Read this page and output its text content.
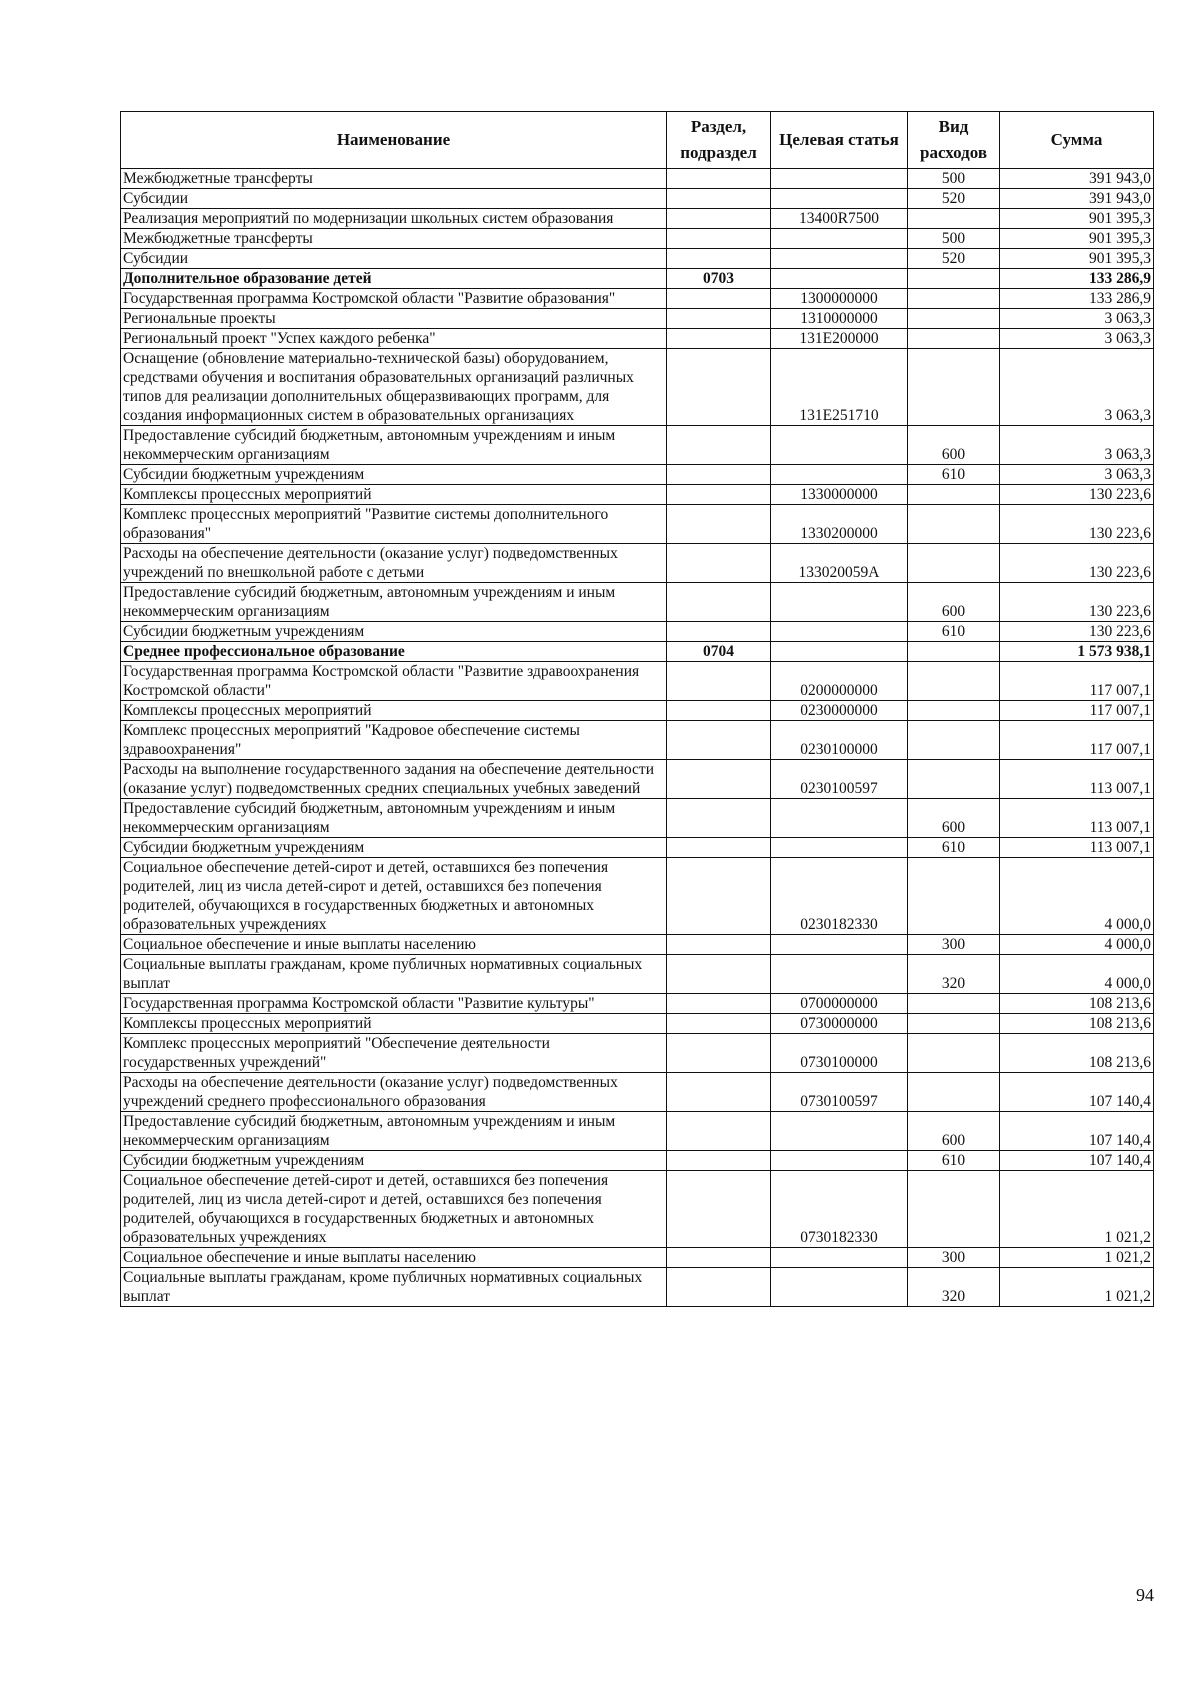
Наименование	Раздел, подраздел	Целевая статья	Вид расходов	Сумма
Межбюджетные трансферты			500	391 943,0
Субсидии			520	391 943,0
Реализация мероприятий по модернизации школьных систем образования		13400R7500		901 395,3
Межбюджетные трансферты			500	901 395,3
Субсидии			520	901 395,3
Дополнительное образование детей	0703			133 286,9
Государственная программа Костромской области "Развитие образования"		1300000000		133 286,9
Региональные проекты		1310000000		3 063,3
Региональный проект "Успех каждого ребенка"		131E200000		3 063,3
Оснащение (обновление материально-технической базы) оборудованием, средствами обучения и воспитания образовательных организаций различных типов для реализации дополнительных общеразвивающих программ, для создания информационных систем в образовательных организациях		131E251710		3 063,3
Предоставление субсидий бюджетным, автономным учреждениям и иным некоммерческим организациям			600	3 063,3
Субсидии бюджетным учреждениям			610	3 063,3
Комплексы процессных мероприятий		1330000000		130 223,6
Комплекс процессных мероприятий "Развитие системы дополнительного образования"		1330200000		130 223,6
Расходы на обеспечение деятельности (оказание услуг) подведомственных учреждений по внешкольной работе с детьми		133020059А		130 223,6
Предоставление субсидий бюджетным, автономным учреждениям и иным некоммерческим организациям			600	130 223,6
Субсидии бюджетным учреждениям			610	130 223,6
Среднее профессиональное образование	0704			1 573 938,1
Государственная программа Костромской области "Развитие здравоохранения Костромской области"		0200000000		117 007,1
Комплексы процессных мероприятий		0230000000		117 007,1
Комплекс процессных мероприятий "Кадровое обеспечение системы здравоохранения"		0230100000		117 007,1
Расходы на выполнение государственного задания на обеспечение деятельности (оказание услуг) подведомственных средних специальных учебных заведений		0230100597		113 007,1
Предоставление субсидий бюджетным, автономным учреждениям и иным некоммерческим организациям			600	113 007,1
Субсидии бюджетным учреждениям			610	113 007,1
Социальное обеспечение детей-сирот и детей, оставшихся без попечения родителей, лиц из числа детей-сирот и детей, оставшихся без попечения родителей, обучающихся в государственных бюджетных и автономных образовательных учреждениях		0230182330		4 000,0
Социальное обеспечение и иные выплаты населению			300	4 000,0
Социальные выплаты гражданам, кроме публичных нормативных социальных выплат			320	4 000,0
Государственная программа Костромской области "Развитие культуры"		0700000000		108 213,6
Комплексы процессных мероприятий		0730000000		108 213,6
Комплекс процессных мероприятий "Обеспечение деятельности государственных учреждений"		0730100000		108 213,6
Расходы на обеспечение деятельности (оказание услуг) подведомственных учреждений среднего профессионального образования		0730100597		107 140,4
Предоставление субсидий бюджетным, автономным учреждениям и иным некоммерческим организациям			600	107 140,4
Субсидии бюджетным учреждениям			610	107 140,4
Социальное обеспечение детей-сирот и детей, оставшихся без попечения родителей, лиц из числа детей-сирот и детей, оставшихся без попечения родителей, обучающихся в государственных бюджетных и автономных образовательных учреждениях		0730182330		1 021,2
Социальное обеспечение и иные выплаты населению			300	1 021,2
Социальные выплаты гражданам, кроме публичных нормативных социальных выплат			320	1 021,2
94
